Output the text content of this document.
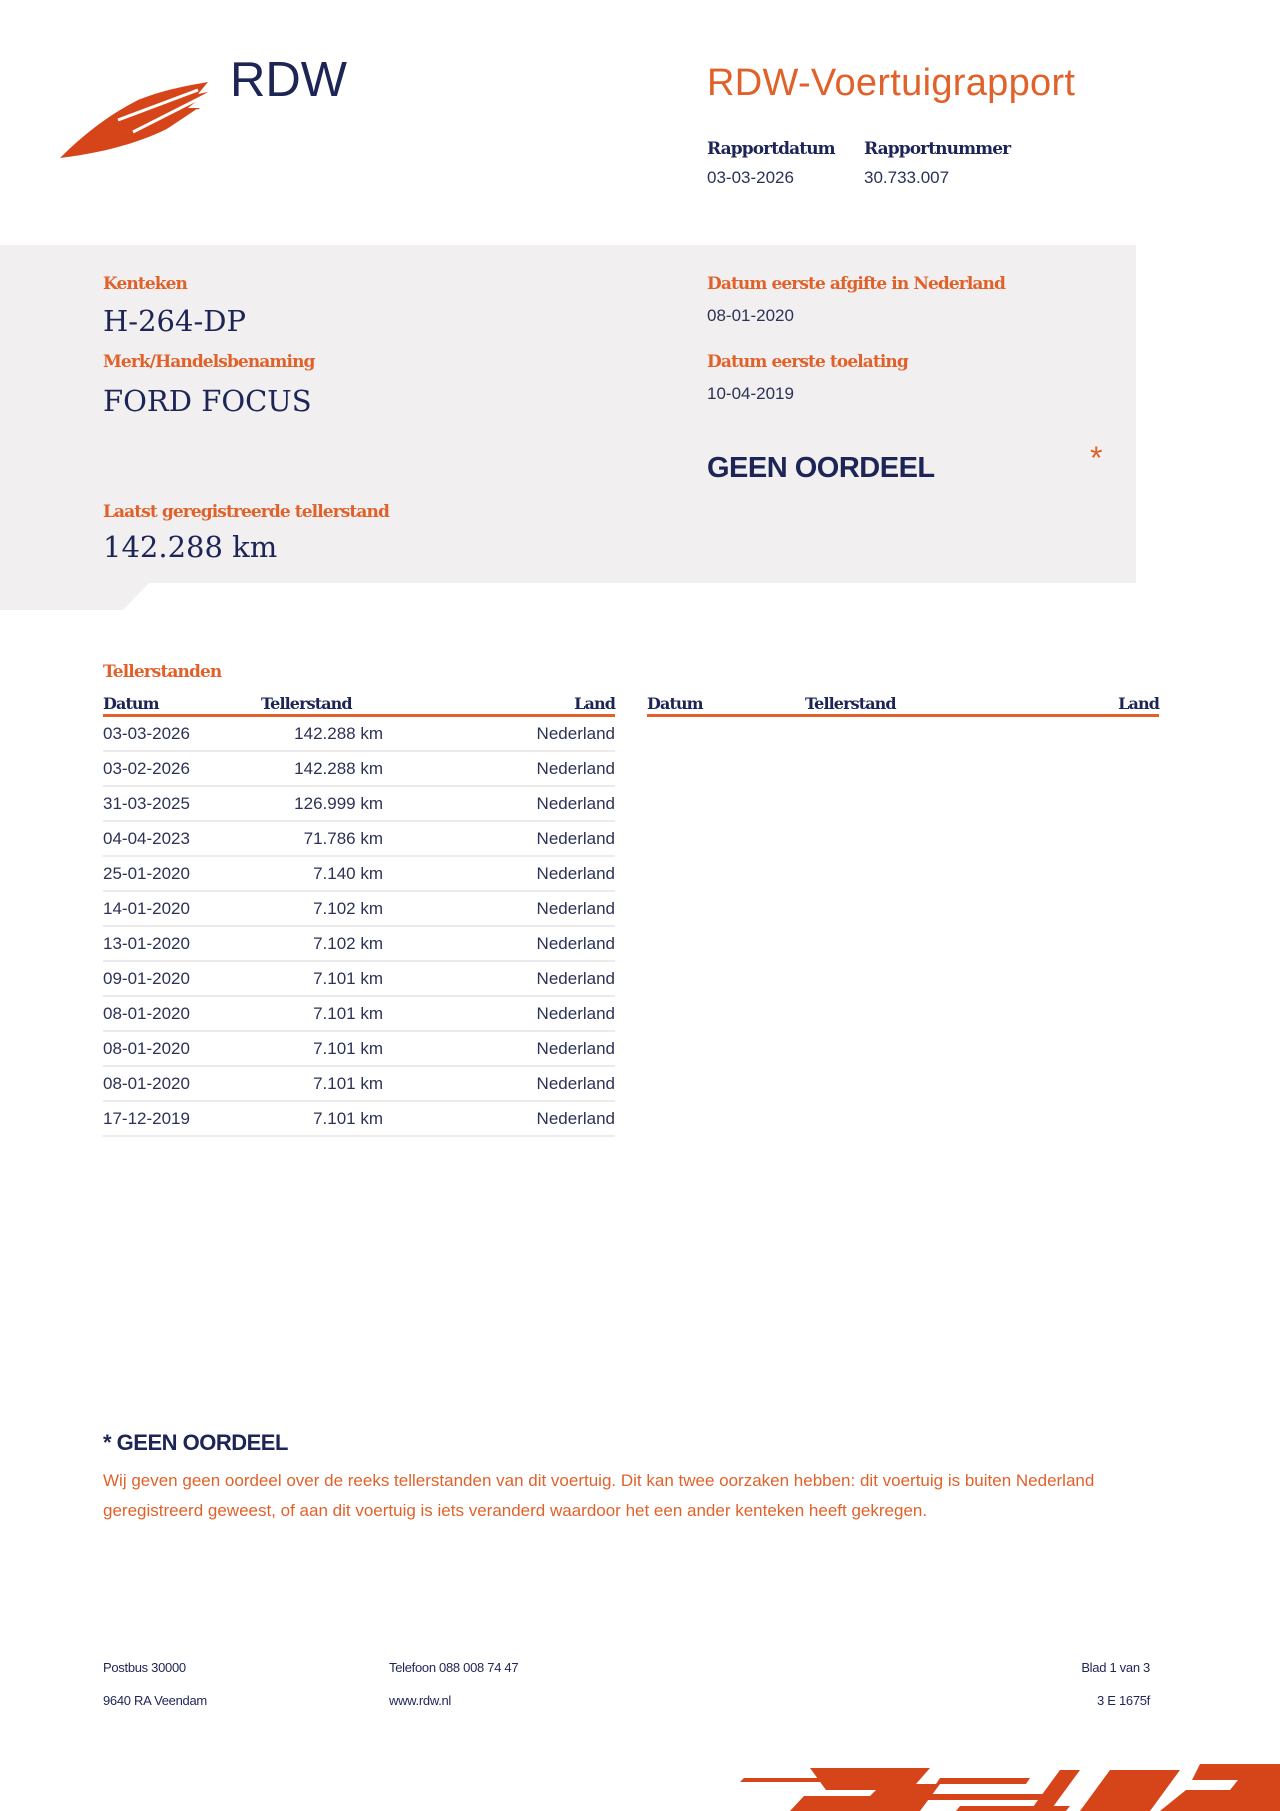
RDW	RDW-Voertuigrapport
Rapportdatum
03-03-2026
Rapportnummer
30.733.007
Kenteken
H-264-DP
Merk/Handelsbenaming
FORD FOCUS
Laatst geregistreerde tellerstand
142.288 km
Datum eerste afgifte in Nederland
08-01-2020
Datum eerste toelating
10-04-2019
GEEN OORDEEL	*
Tellerstanden
Datum	Tellerstand	Land
03-03-2026	142.288 km	Nederland
03-02-2026	142.288 km	Nederland
31-03-2025	126.999 km	Nederland
04-04-2023	71.786 km	Nederland
25-01-2020	7.140 km	Nederland
14-01-2020	7.102 km	Nederland
13-01-2020	7.102 km	Nederland
09-01-2020	7.101 km	Nederland
08-01-2020	7.101 km	Nederland
08-01-2020	7.101 km	Nederland
08-01-2020	7.101 km	Nederland
17-12-2019	7.101 km	Nederland
Datum	Tellerstand	Land
* GEEN OORDEEL
Wij geven geen oordeel over de reeks tellerstanden van dit voertuig. Dit kan twee oorzaken hebben: dit voertuig is buiten Nederland geregistreerd geweest, of aan dit voertuig is iets veranderd waardoor het een ander kenteken heeft gekregen.
Postbus 30000
9640 RA Veendam
Telefoon 088 008 74 47
www.rdw.nl
Blad 1 van 3
3 E 1675f
